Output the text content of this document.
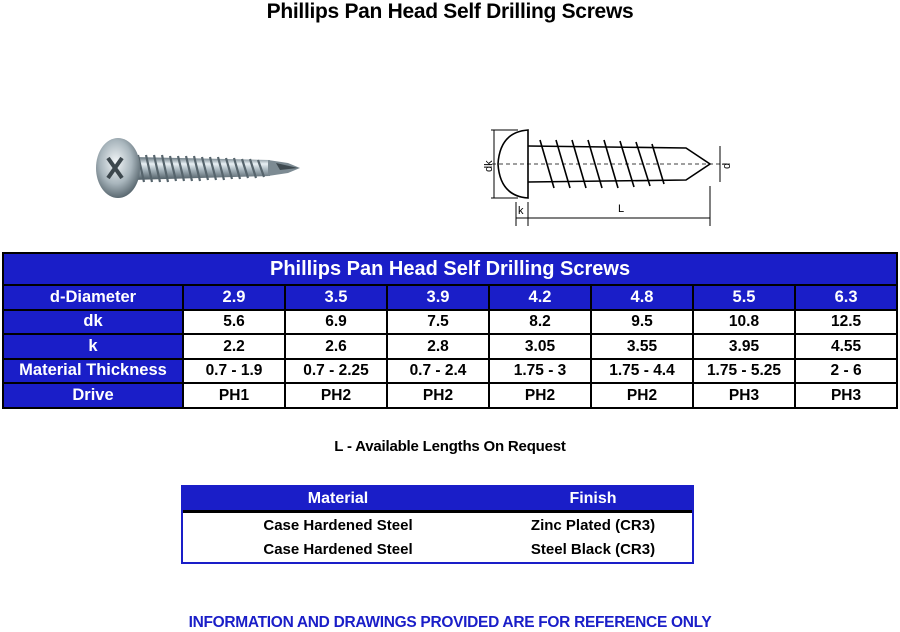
Phillips Pan Head Self Drilling Screws
dk	d
k	L
Phillips Pan Head Self Drilling Screws							
d-Diameter	2.9	3.5	3.9	4.2	4.8	5.5	6.3
dk	5.6	6.9	7.5	8.2	9.5	10.8	12.5
k	2.2	2.6	2.8	3.05	3.55	3.95	4.55
Material Thickness	0.7 - 1.9	0.7 - 2.25	0.7 - 2.4	1.75 - 3	1.75 - 4.4	1.75 - 5.25	2 - 6
Drive	PH1	PH2	PH2	PH2	PH2	PH3	PH3
L - Available Lengths On Request
Material	Finish
Case Hardened Steel	Zinc Plated (CR3)
Case Hardened Steel	Steel Black (CR3)
INFORMATION AND DRAWINGS PROVIDED ARE FOR REFERENCE ONLY
